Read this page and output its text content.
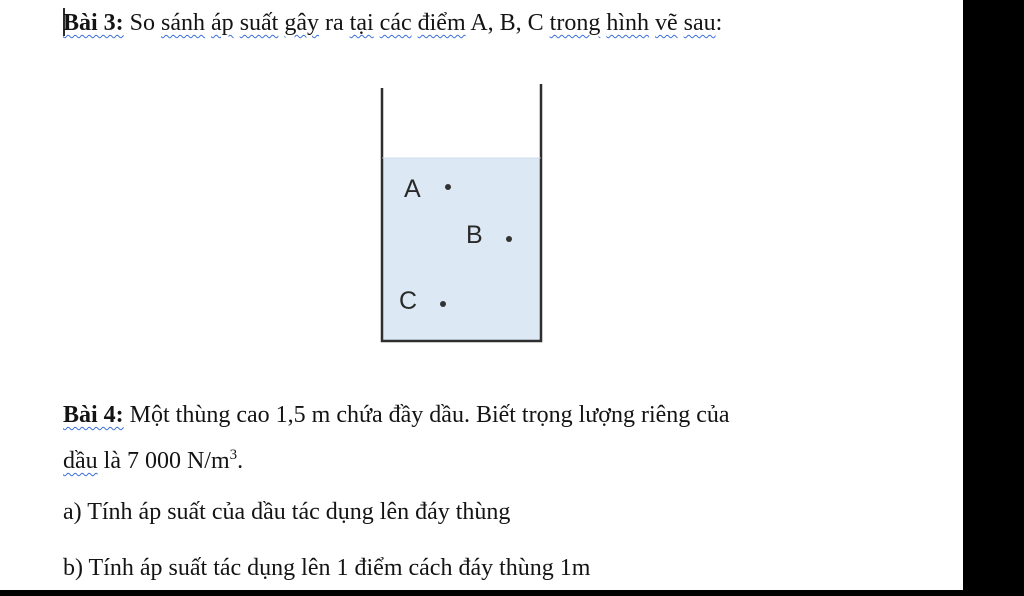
Bài 3: So sánh áp suất gây ra tại các điểm A, B, C trong hình vẽ sau:
A
B
C
Bài 4: Một thùng cao 1,5 m chứa đầy dầu. Biết trọng lượng riêng của
dầu là 7 000 $N/m^3$.
a) Tính áp suất của dầu tác dụng lên đáy thùng
b) Tính áp suất tác dụng lên 1 điểm cách đáy thùng 1m
